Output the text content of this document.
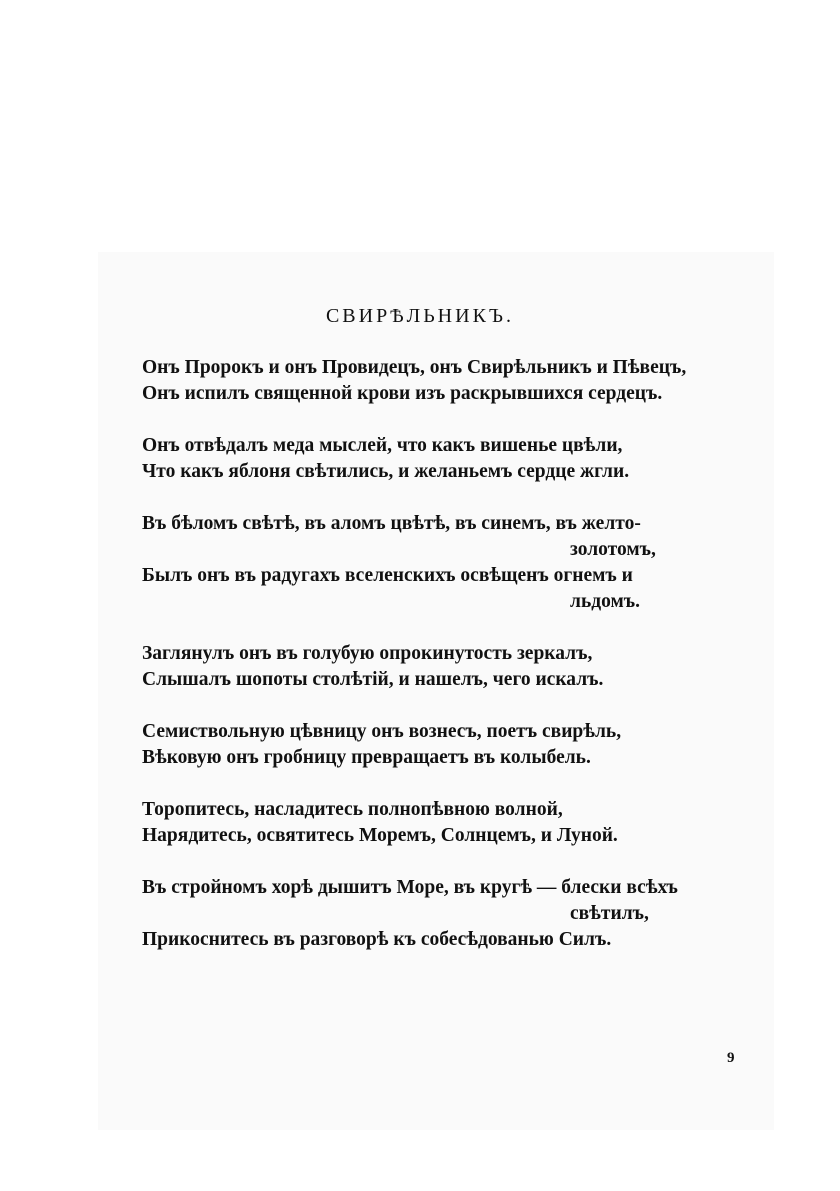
СВИРѢЛЬНИКЪ.
Онъ Пророкъ и онъ Провидецъ, онъ Свирѣльникъ и Пѣвецъ,
Онъ испилъ священной крови изъ раскрывшихся сердецъ.
Онъ отвѣдалъ меда мыслей, что какъ вишенье цвѣли,
Что какъ яблоня свѣтились, и желаньемъ сердце жгли.
Въ бѣломъ свѣтѣ, въ аломъ цвѣтѣ, въ синемъ, въ желто-
золотомъ,
Былъ онъ въ радугахъ вселенскихъ освѣщенъ огнемъ и
льдомъ.
Заглянулъ онъ въ голубую опрокинутость зеркалъ,
Слышалъ шопоты столѣтій, и нашелъ, чего искалъ.
Семиствольную цѣвницу онъ вознесъ, поетъ свирѣль,
Вѣковую онъ гробницу превращаетъ въ колыбель.
Торопитесь, насладитесь полнопѣвною волной,
Нарядитесь, освятитесь Моремъ, Солнцемъ, и Луной.
Въ стройномъ хорѣ дышитъ Море, въ кругѣ — блески всѣхъ
свѣтилъ,
Прикоснитесь въ разговорѣ къ собесѣдованью Силъ.
9
